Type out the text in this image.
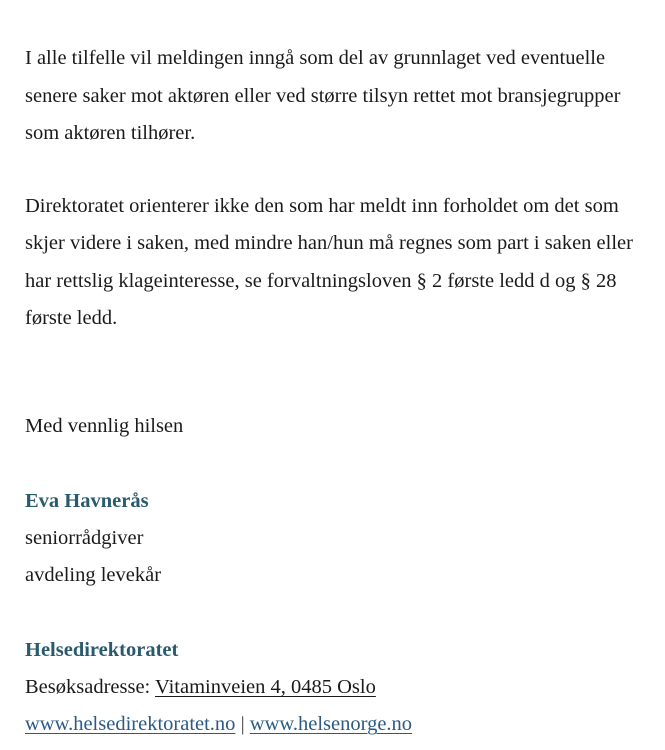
I alle tilfelle vil meldingen inngå som del av grunnlaget ved eventuelle senere saker mot aktøren eller ved større tilsyn rettet mot bransjegrupper som aktøren tilhører.

Direktoratet orienterer ikke den som har meldt inn forholdet om det som skjer videre i saken, med mindre han/hun må regnes som part i saken eller har rettslig klageinteresse, se forvaltningsloven § 2 første ledd d og § 28 første ledd.

Med vennlig hilsen
Eva Havnerås
seniorrådgiver
avdeling levekår
Helsedirektoratet
Besøksadresse: Vitaminveien 4, 0485 Oslo
www.helsedirektoratet.no | www.helsenorge.no
